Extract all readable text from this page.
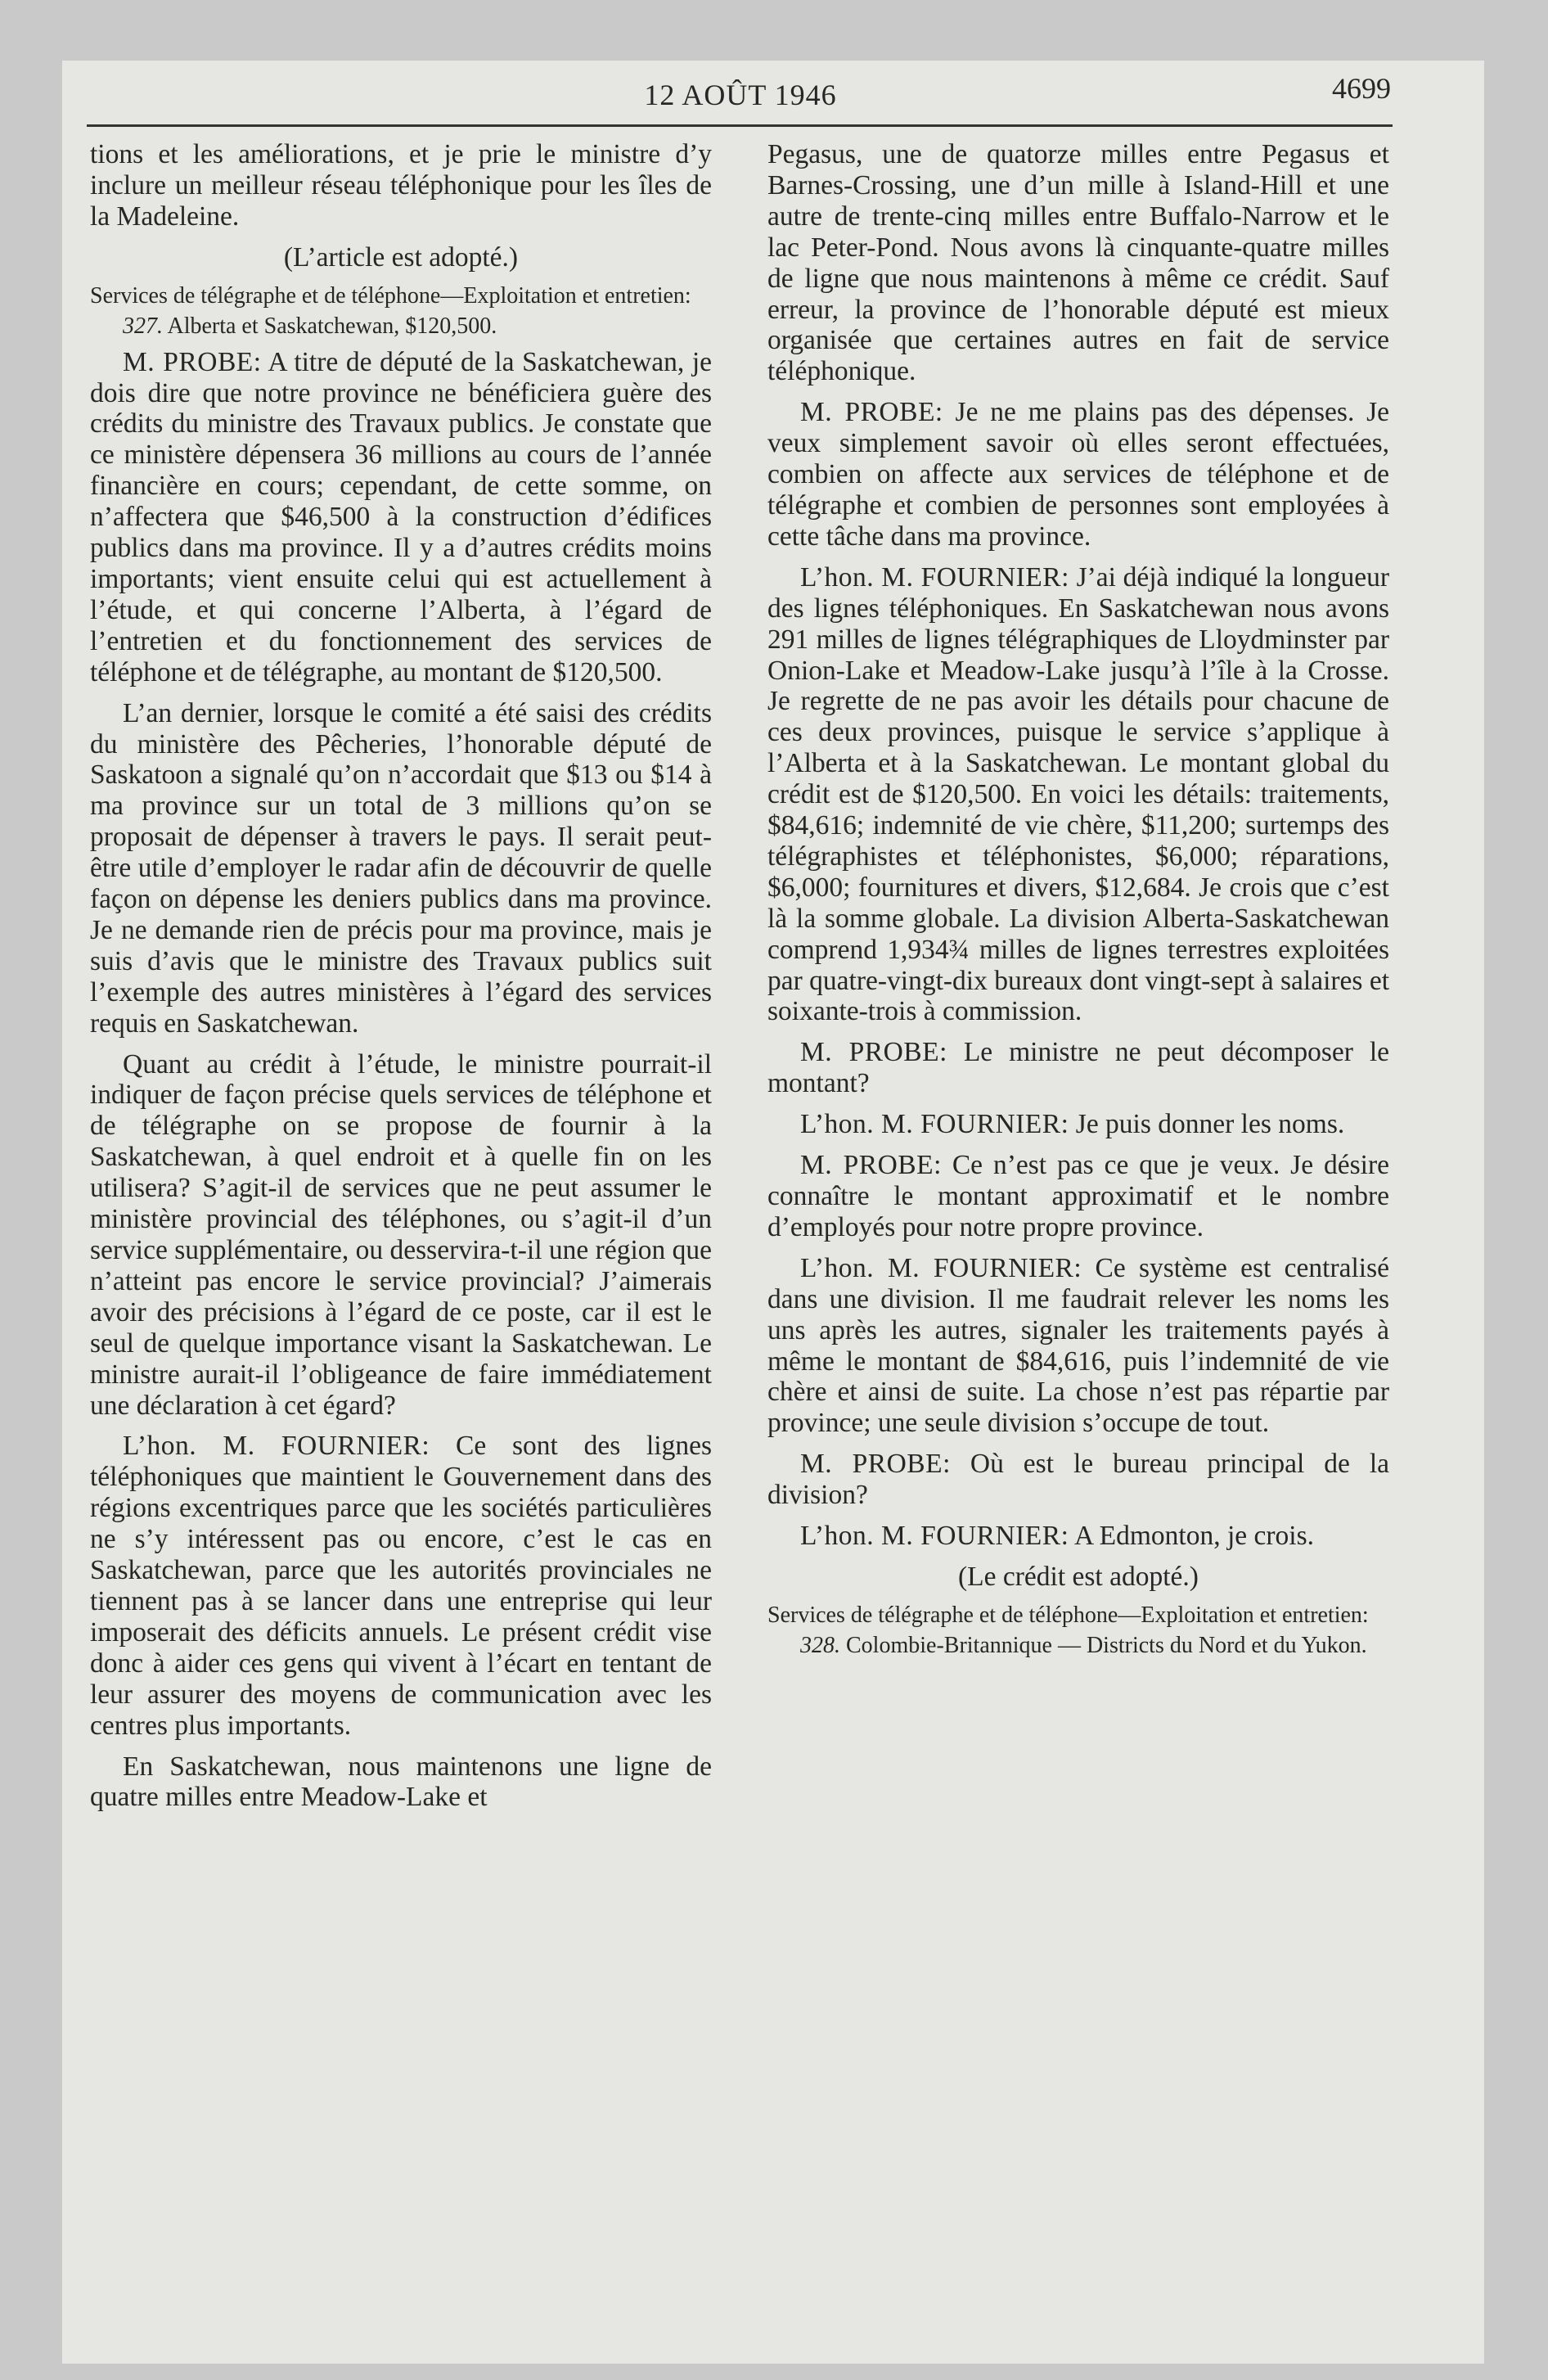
12 AOÛT 1946	4699

tions et les améliorations, et je prie le ministre d’y inclure un meilleur réseau téléphonique pour les îles de la Madeleine.

(L’article est adopté.)

Services de télégraphe et de téléphone—Exploitation et entretien:

327. Alberta et Saskatchewan, $120,500.

M. PROBE: A titre de député de la Saskatchewan, je dois dire que notre province ne bénéficiera guère des crédits du ministre des Travaux publics. Je constate que ce ministère dépensera 36 millions au cours de l’année financière en cours; cependant, de cette somme, on n’affectera que $46,500 à la construction d’édifices publics dans ma province. Il y a d’autres crédits moins importants; vient ensuite celui qui est actuellement à l’étude, et qui concerne l’Alberta, à l’égard de l’entretien et du fonctionnement des services de téléphone et de télégraphe, au montant de $120,500.

L’an dernier, lorsque le comité a été saisi des crédits du ministère des Pêcheries, l’honorable député de Saskatoon a signalé qu’on n’accordait que $13 ou $14 à ma province sur un total de 3 millions qu’on se proposait de dépenser à travers le pays. Il serait peut-être utile d’employer le radar afin de découvrir de quelle façon on dépense les deniers publics dans ma province. Je ne demande rien de précis pour ma province, mais je suis d’avis que le ministre des Travaux publics suit l’exemple des autres ministères à l’égard des services requis en Saskatchewan.

Quant au crédit à l’étude, le ministre pourrait-il indiquer de façon précise quels services de téléphone et de télégraphe on se propose de fournir à la Saskatchewan, à quel endroit et à quelle fin on les utilisera? S’agit-il de services que ne peut assumer le ministère provincial des téléphones, ou s’agit-il d’un service supplémentaire, ou desservira-t-il une région que n’atteint pas encore le service provincial? J’aimerais avoir des précisions à l’égard de ce poste, car il est le seul de quelque importance visant la Saskatchewan. Le ministre aurait-il l’obligeance de faire immédiatement une déclaration à cet égard?

L’hon. M. FOURNIER: Ce sont des lignes téléphoniques que maintient le Gouvernement dans des régions excentriques parce que les sociétés particulières ne s’y intéressent pas ou encore, c’est le cas en Saskatchewan, parce que les autorités provinciales ne tiennent pas à se lancer dans une entreprise qui leur imposerait des déficits annuels. Le présent crédit vise donc à aider ces gens qui vivent à l’écart en tentant de leur assurer des moyens de communication avec les centres plus importants.

En Saskatchewan, nous maintenons une ligne de quatre milles entre Meadow-Lake et

Pegasus, une de quatorze milles entre Pegasus et Barnes-Crossing, une d’un mille à Island-Hill et une autre de trente-cinq milles entre Buffalo-Narrow et le lac Peter-Pond. Nous avons là cinquante-quatre milles de ligne que nous maintenons à même ce crédit. Sauf erreur, la province de l’honorable député est mieux organisée que certaines autres en fait de service téléphonique.

M. PROBE: Je ne me plains pas des dépenses. Je veux simplement savoir où elles seront effectuées, combien on affecte aux services de téléphone et de télégraphe et combien de personnes sont employées à cette tâche dans ma province.

L’hon. M. FOURNIER: J’ai déjà indiqué la longueur des lignes téléphoniques. En Saskatchewan nous avons 291 milles de lignes télégraphiques de Lloydminster par Onion-Lake et Meadow-Lake jusqu’à l’île à la Crosse. Je regrette de ne pas avoir les détails pour chacune de ces deux provinces, puisque le service s’applique à l’Alberta et à la Saskatchewan. Le montant global du crédit est de $120,500. En voici les détails: traitements, $84,616; indemnité de vie chère, $11,200; surtemps des télégraphistes et téléphonistes, $6,000; réparations, $6,000; fournitures et divers, $12,684. Je crois que c’est là la somme globale. La division Alberta-Saskatchewan comprend 1,934¾ milles de lignes terrestres exploitées par quatre-vingt-dix bureaux dont vingt-sept à salaires et soixante-trois à commission.

M. PROBE: Le ministre ne peut décomposer le montant?

L’hon. M. FOURNIER: Je puis donner les noms.

M. PROBE: Ce n’est pas ce que je veux. Je désire connaître le montant approximatif et le nombre d’employés pour notre propre province.

L’hon. M. FOURNIER: Ce système est centralisé dans une division. Il me faudrait relever les noms les uns après les autres, signaler les traitements payés à même le montant de $84,616, puis l’indemnité de vie chère et ainsi de suite. La chose n’est pas répartie par province; une seule division s’occupe de tout.

M. PROBE: Où est le bureau principal de la division?

L’hon. M. FOURNIER: A Edmonton, je crois.

(Le crédit est adopté.)

Services de télégraphe et de téléphone—Exploitation et entretien:

328. Colombie-Britannique — Districts du Nord et du Yukon.
